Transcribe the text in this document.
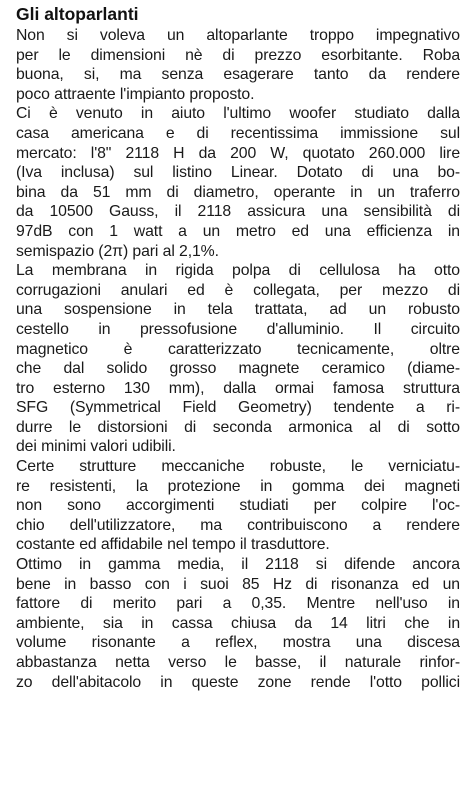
Gli altoparlanti

Non si voleva un altoparlante troppo impegnativo
per le dimensioni nè di prezzo esorbitante. Roba
buona, si, ma senza esagerare tanto da rendere
poco attraente l'impianto proposto.

Ci è venuto in aiuto l'ultimo woofer studiato dalla
casa americana e di recentissima immissione sul
mercato: l'8" 2118 H da 200 W, quotato 260.000 lire
(Iva inclusa) sul listino Linear. Dotato di una bo-
bina da 51 mm di diametro, operante in un traferro
da 10500 Gauss, il 2118 assicura una sensibilità di
97dB con 1 watt a un metro ed una efficienza in
semispazio (2π) pari al 2,1%.

La membrana in rigida polpa di cellulosa ha otto
corrugazioni anulari ed è collegata, per mezzo di
una sospensione in tela trattata, ad un robusto
cestello in pressofusione d'alluminio. Il circuito
magnetico è caratterizzato tecnicamente, oltre
che dal solido grosso magnete ceramico (diame-
tro esterno 130 mm), dalla ormai famosa struttura
SFG (Symmetrical Field Geometry) tendente a ri-
durre le distorsioni di seconda armonica al di sotto
dei minimi valori udibili.

Certe strutture meccaniche robuste, le verniciatu-
re resistenti, la protezione in gomma dei magneti
non sono accorgimenti studiati per colpire l'oc-
chio dell'utilizzatore, ma contribuiscono a rendere
costante ed affidabile nel tempo il trasduttore.

Ottimo in gamma media, il 2118 si difende ancora
bene in basso con i suoi 85 Hz di risonanza ed un
fattore di merito pari a 0,35. Mentre nell'uso in
ambiente, sia in cassa chiusa da 14 litri che in
volume risonante a reflex, mostra una discesa
abbastanza netta verso le basse, il naturale rinfor-
zo dell'abitacolo in queste zone rende l'otto pollici
